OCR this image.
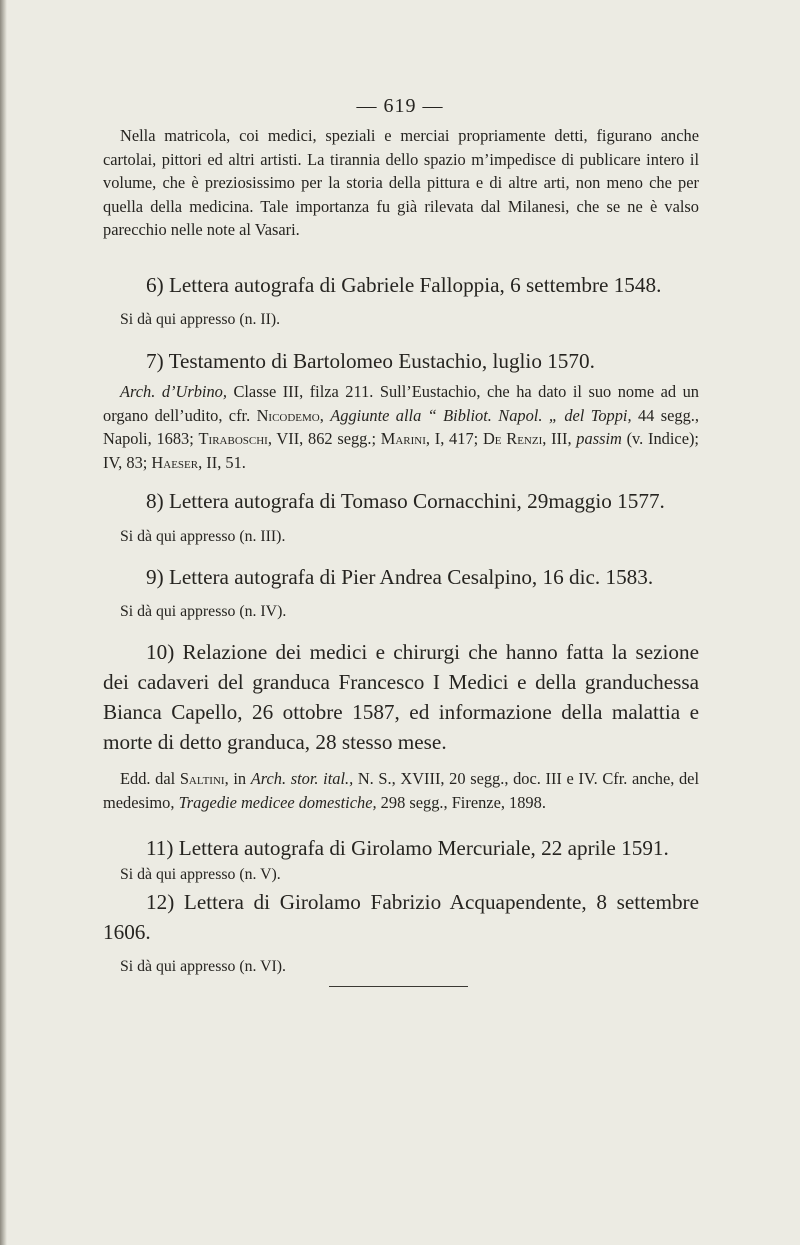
— 619 —

Nella matricola, coi medici, speziali e merciai propriamente detti, figurano anche cartolai, pittori ed altri artisti. La tirannia dello spazio m’impedisce di publicare intero il volume, che è preziosissimo per la storia della pittura e di altre arti, non meno che per quella della medicina. Tale importanza fu già rilevata dal Milanesi, che se ne è valso parecchio nelle note al Vasari.

6) Lettera autografa di Gabriele Falloppia, 6 settembre 1548.

Si dà qui appresso (n. II).

7) Testamento di Bartolomeo Eustachio, luglio 1570.

Arch. d’Urbino, Classe III, filza 211. Sull’Eustachio, che ha dato il suo nome ad un organo dell’udito, cfr. Nicodemo, Aggiunte alla “ Bibliot. Napol. „ del Toppi, 44 segg., Napoli, 1683; Tiraboschi, VII, 862 segg.; Marini, I, 417; De Renzi, III, passim (v. Indice); IV, 83; Haeser, II, 51.

8) Lettera autografa di Tomaso Cornacchini, 29maggio 1577.

Si dà qui appresso (n. III).

9) Lettera autografa di Pier Andrea Cesalpino, 16 dic. 1583.

Si dà qui appresso (n. IV).

10) Relazione dei medici e chirurgi che hanno fatta la sezione dei cadaveri del granduca Francesco I Medici e della granduchessa Bianca Capello, 26 ottobre 1587, ed informazione della malattia e morte di detto granduca, 28 stesso mese.

Edd. dal Saltini, in Arch. stor. ital., N. S., XVIII, 20 segg., doc. III e IV. Cfr. anche, del medesimo, Tragedie medicee domestiche, 298 segg., Firenze, 1898.

11) Lettera autografa di Girolamo Mercuriale, 22 aprile 1591.

Si dà qui appresso (n. V).

12) Lettera di Girolamo Fabrizio Acquapendente, 8 settembre 1606.

Si dà qui appresso (n. VI).
